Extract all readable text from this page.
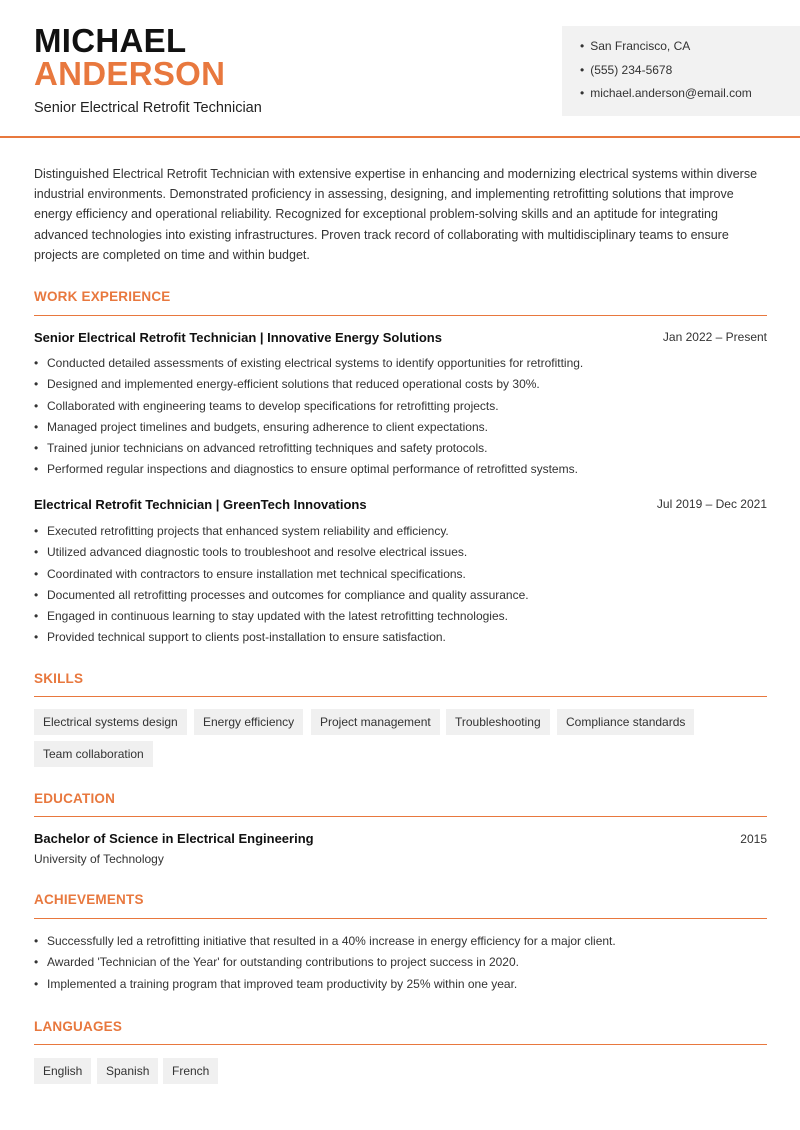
MICHAEL
ANDERSON
Senior Electrical Retrofit Technician
• San Francisco, CA
• (555) 234-5678
• michael.anderson@email.com
Distinguished Electrical Retrofit Technician with extensive expertise in enhancing and modernizing electrical systems within diverse industrial environments. Demonstrated proficiency in assessing, designing, and implementing retrofitting solutions that improve energy efficiency and operational reliability. Recognized for exceptional problem-solving skills and an aptitude for integrating advanced technologies into existing infrastructures. Proven track record of collaborating with multidisciplinary teams to ensure projects are completed on time and within budget.
WORK EXPERIENCE
Senior Electrical Retrofit Technician | Innovative Energy Solutions	Jan 2022 – Present
• Conducted detailed assessments of existing electrical systems to identify opportunities for retrofitting.
• Designed and implemented energy-efficient solutions that reduced operational costs by 30%.
• Collaborated with engineering teams to develop specifications for retrofitting projects.
• Managed project timelines and budgets, ensuring adherence to client expectations.
• Trained junior technicians on advanced retrofitting techniques and safety protocols.
• Performed regular inspections and diagnostics to ensure optimal performance of retrofitted systems.
Electrical Retrofit Technician | GreenTech Innovations	Jul 2019 – Dec 2021
• Executed retrofitting projects that enhanced system reliability and efficiency.
• Utilized advanced diagnostic tools to troubleshoot and resolve electrical issues.
• Coordinated with contractors to ensure installation met technical specifications.
• Documented all retrofitting processes and outcomes for compliance and quality assurance.
• Engaged in continuous learning to stay updated with the latest retrofitting technologies.
• Provided technical support to clients post-installation to ensure satisfaction.
SKILLS
Electrical systems design	Energy efficiency	Project management	Troubleshooting	Compliance standards
Team collaboration
EDUCATION
Bachelor of Science in Electrical Engineering	2015
University of Technology
ACHIEVEMENTS
• Successfully led a retrofitting initiative that resulted in a 40% increase in energy efficiency for a major client.
• Awarded 'Technician of the Year' for outstanding contributions to project success in 2020.
• Implemented a training program that improved team productivity by 25% within one year.
LANGUAGES
English	Spanish	French
